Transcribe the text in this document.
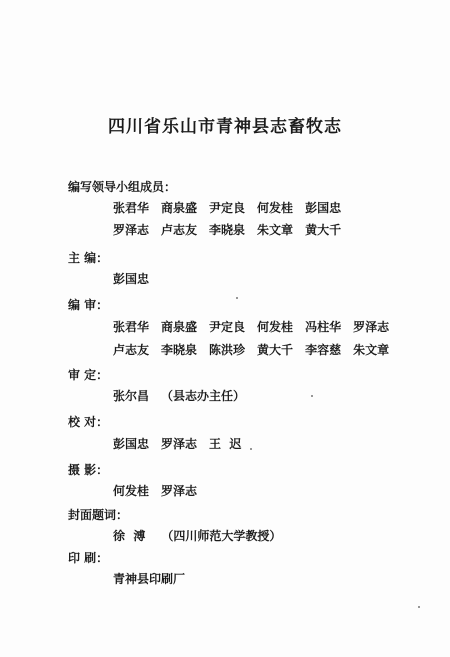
四川省乐山市青神县志畜牧志
编写领导小组成员：
张君华 商泉盛 尹定良 何发桂 彭国忠
罗泽志 卢志友 李晓泉 朱文章 黄大千
主 编：
彭国忠
编 审：
张君华 商泉盛 尹定良 何发桂 冯柱华 罗泽志
卢志友 李晓泉 陈洪珍 黄大千 李容慈 朱文章
审 定：
张尔昌 （县志办主任）
校 对：
彭国忠 罗泽志 王  迟
摄 影：
何发桂 罗泽志
封面题词：
徐  溥 （四川师范大学教授）
印 刷：
青神县印刷厂
